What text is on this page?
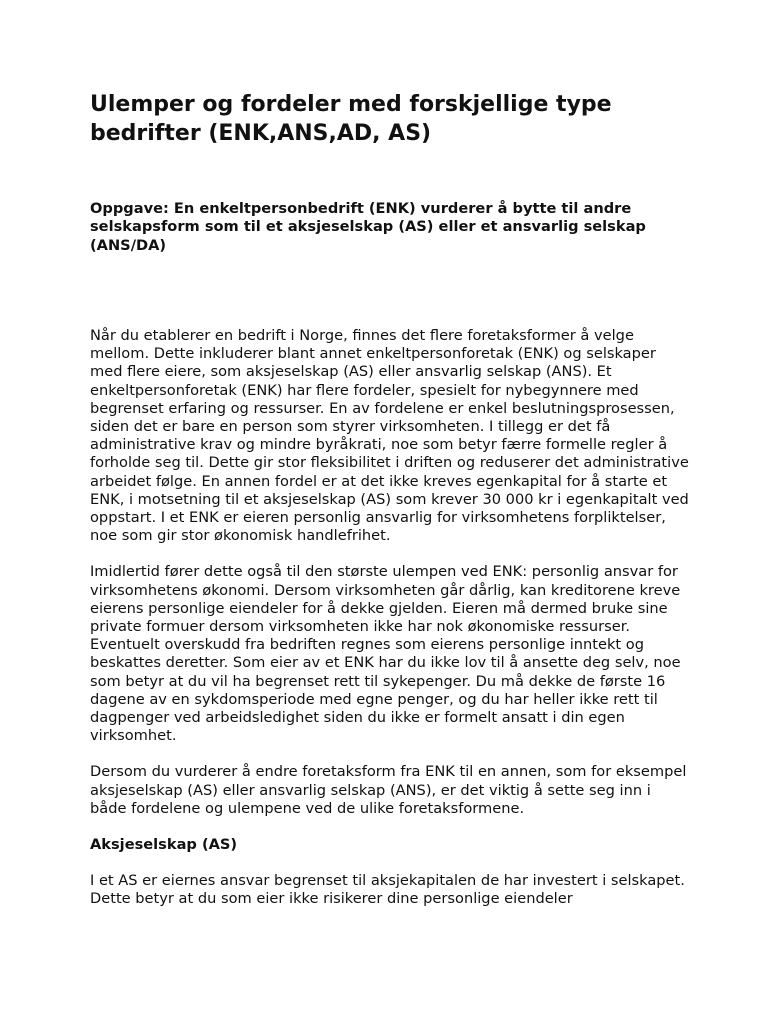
Ulemper og fordeler med forskjellige type bedrifter (ENK,ANS,AD, AS)

Oppgave: En enkeltpersonbedrift (ENK) vurderer å bytte til andre selskapsform som til et aksjeselskap (AS) eller et ansvarlig selskap (ANS/DA)

Når du etablerer en bedrift i Norge, finnes det flere foretaksformer å velge mellom. Dette inkluderer blant annet enkeltpersonforetak (ENK) og selskaper med flere eiere, som aksjeselskap (AS) eller ansvarlig selskap (ANS). Et enkeltpersonforetak (ENK) har flere fordeler, spesielt for nybegynnere med begrenset erfaring og ressurser. En av fordelene er enkel beslutningsprosessen, siden det er bare en person som styrer virksomheten. I tillegg er det få administrative krav og mindre byråkrati, noe som betyr færre formelle regler å forholde seg til. Dette gir stor fleksibilitet i driften og reduserer det administrative arbeidet følge. En annen fordel er at det ikke kreves egenkapital for å starte et ENK, i motsetning til et aksjeselskap (AS) som krever 30 000 kr i egenkapitalt ved oppstart. I et ENK er eieren personlig ansvarlig for virksomhetens forpliktelser, noe som gir stor økonomisk handlefrihet.

Imidlertid fører dette også til den største ulempen ved ENK: personlig ansvar for virksomhetens økonomi. Dersom virksomheten går dårlig, kan kreditorene kreve eierens personlige eiendeler for å dekke gjelden. Eieren må dermed bruke sine private formuer dersom virksomheten ikke har nok økonomiske ressurser. Eventuelt overskudd fra bedriften regnes som eierens personlige inntekt og beskattes deretter. Som eier av et ENK har du ikke lov til å ansette deg selv, noe som betyr at du vil ha begrenset rett til sykepenger. Du må dekke de første 16 dagene av en sykdomsperiode med egne penger, og du har heller ikke rett til dagpenger ved arbeidsledighet siden du ikke er formelt ansatt i din egen virksomhet.

Dersom du vurderer å endre foretaksform fra ENK til en annen, som for eksempel aksjeselskap (AS) eller ansvarlig selskap (ANS), er det viktig å sette seg inn i både fordelene og ulempene ved de ulike foretaksformene.

Aksjeselskap (AS)

I et AS er eiernes ansvar begrenset til aksjekapitalen de har investert i selskapet. Dette betyr at du som eier ikke risikerer dine personlige eiendeler
